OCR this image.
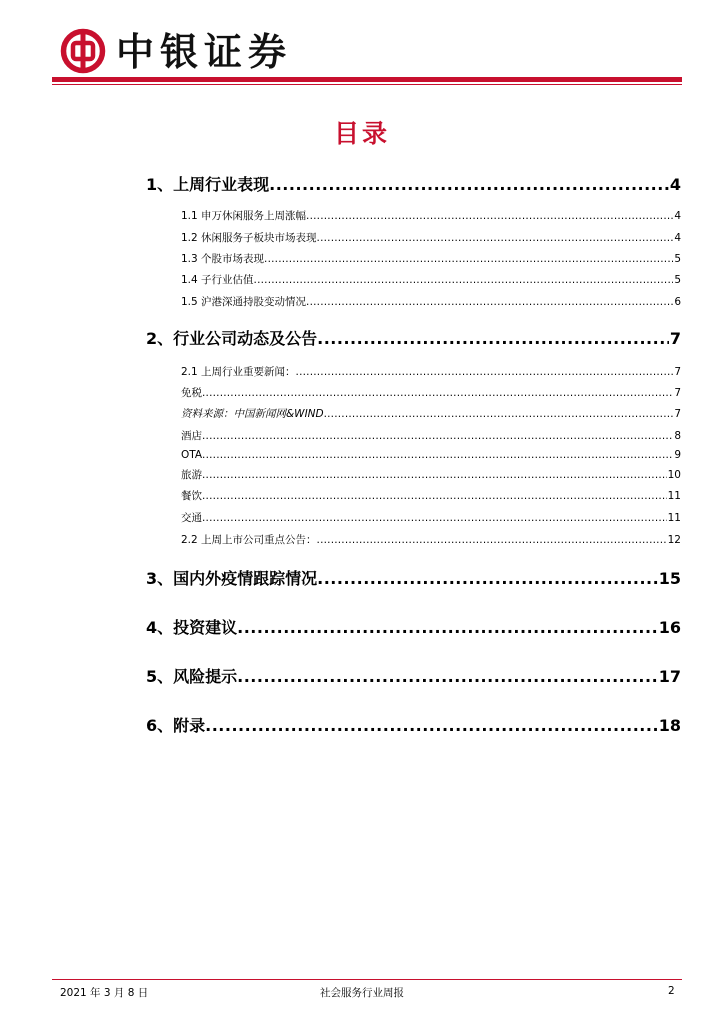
中银证券
目录
1、上周行业表现 .....	4
1.1 申万休闲服务上周涨幅 .....	4
1.2 休闲服务子板块市场表现 .....	4
1.3 个股市场表现 .....	5
1.4 子行业估值 .....	5
1.5 沪港深通持股变动情况 .....	6
2、行业公司动态及公告 .....	7
2.1 上周行业重要新闻： .....	7
免税 .....	7
资料来源：中国新闻网&WIND .....	7
酒店 .....	8
OTA .....	9
旅游 .....	10
餐饮 .....	11
交通 .....	11
2.2 上周上市公司重点公告： .....	12
3、国内外疫情跟踪情况 .....	15
4、投资建议 .....	16
5、风险提示 .....	17
6、附录 .....	18
2021 年 3 月 8 日	社会服务行业周报	2
